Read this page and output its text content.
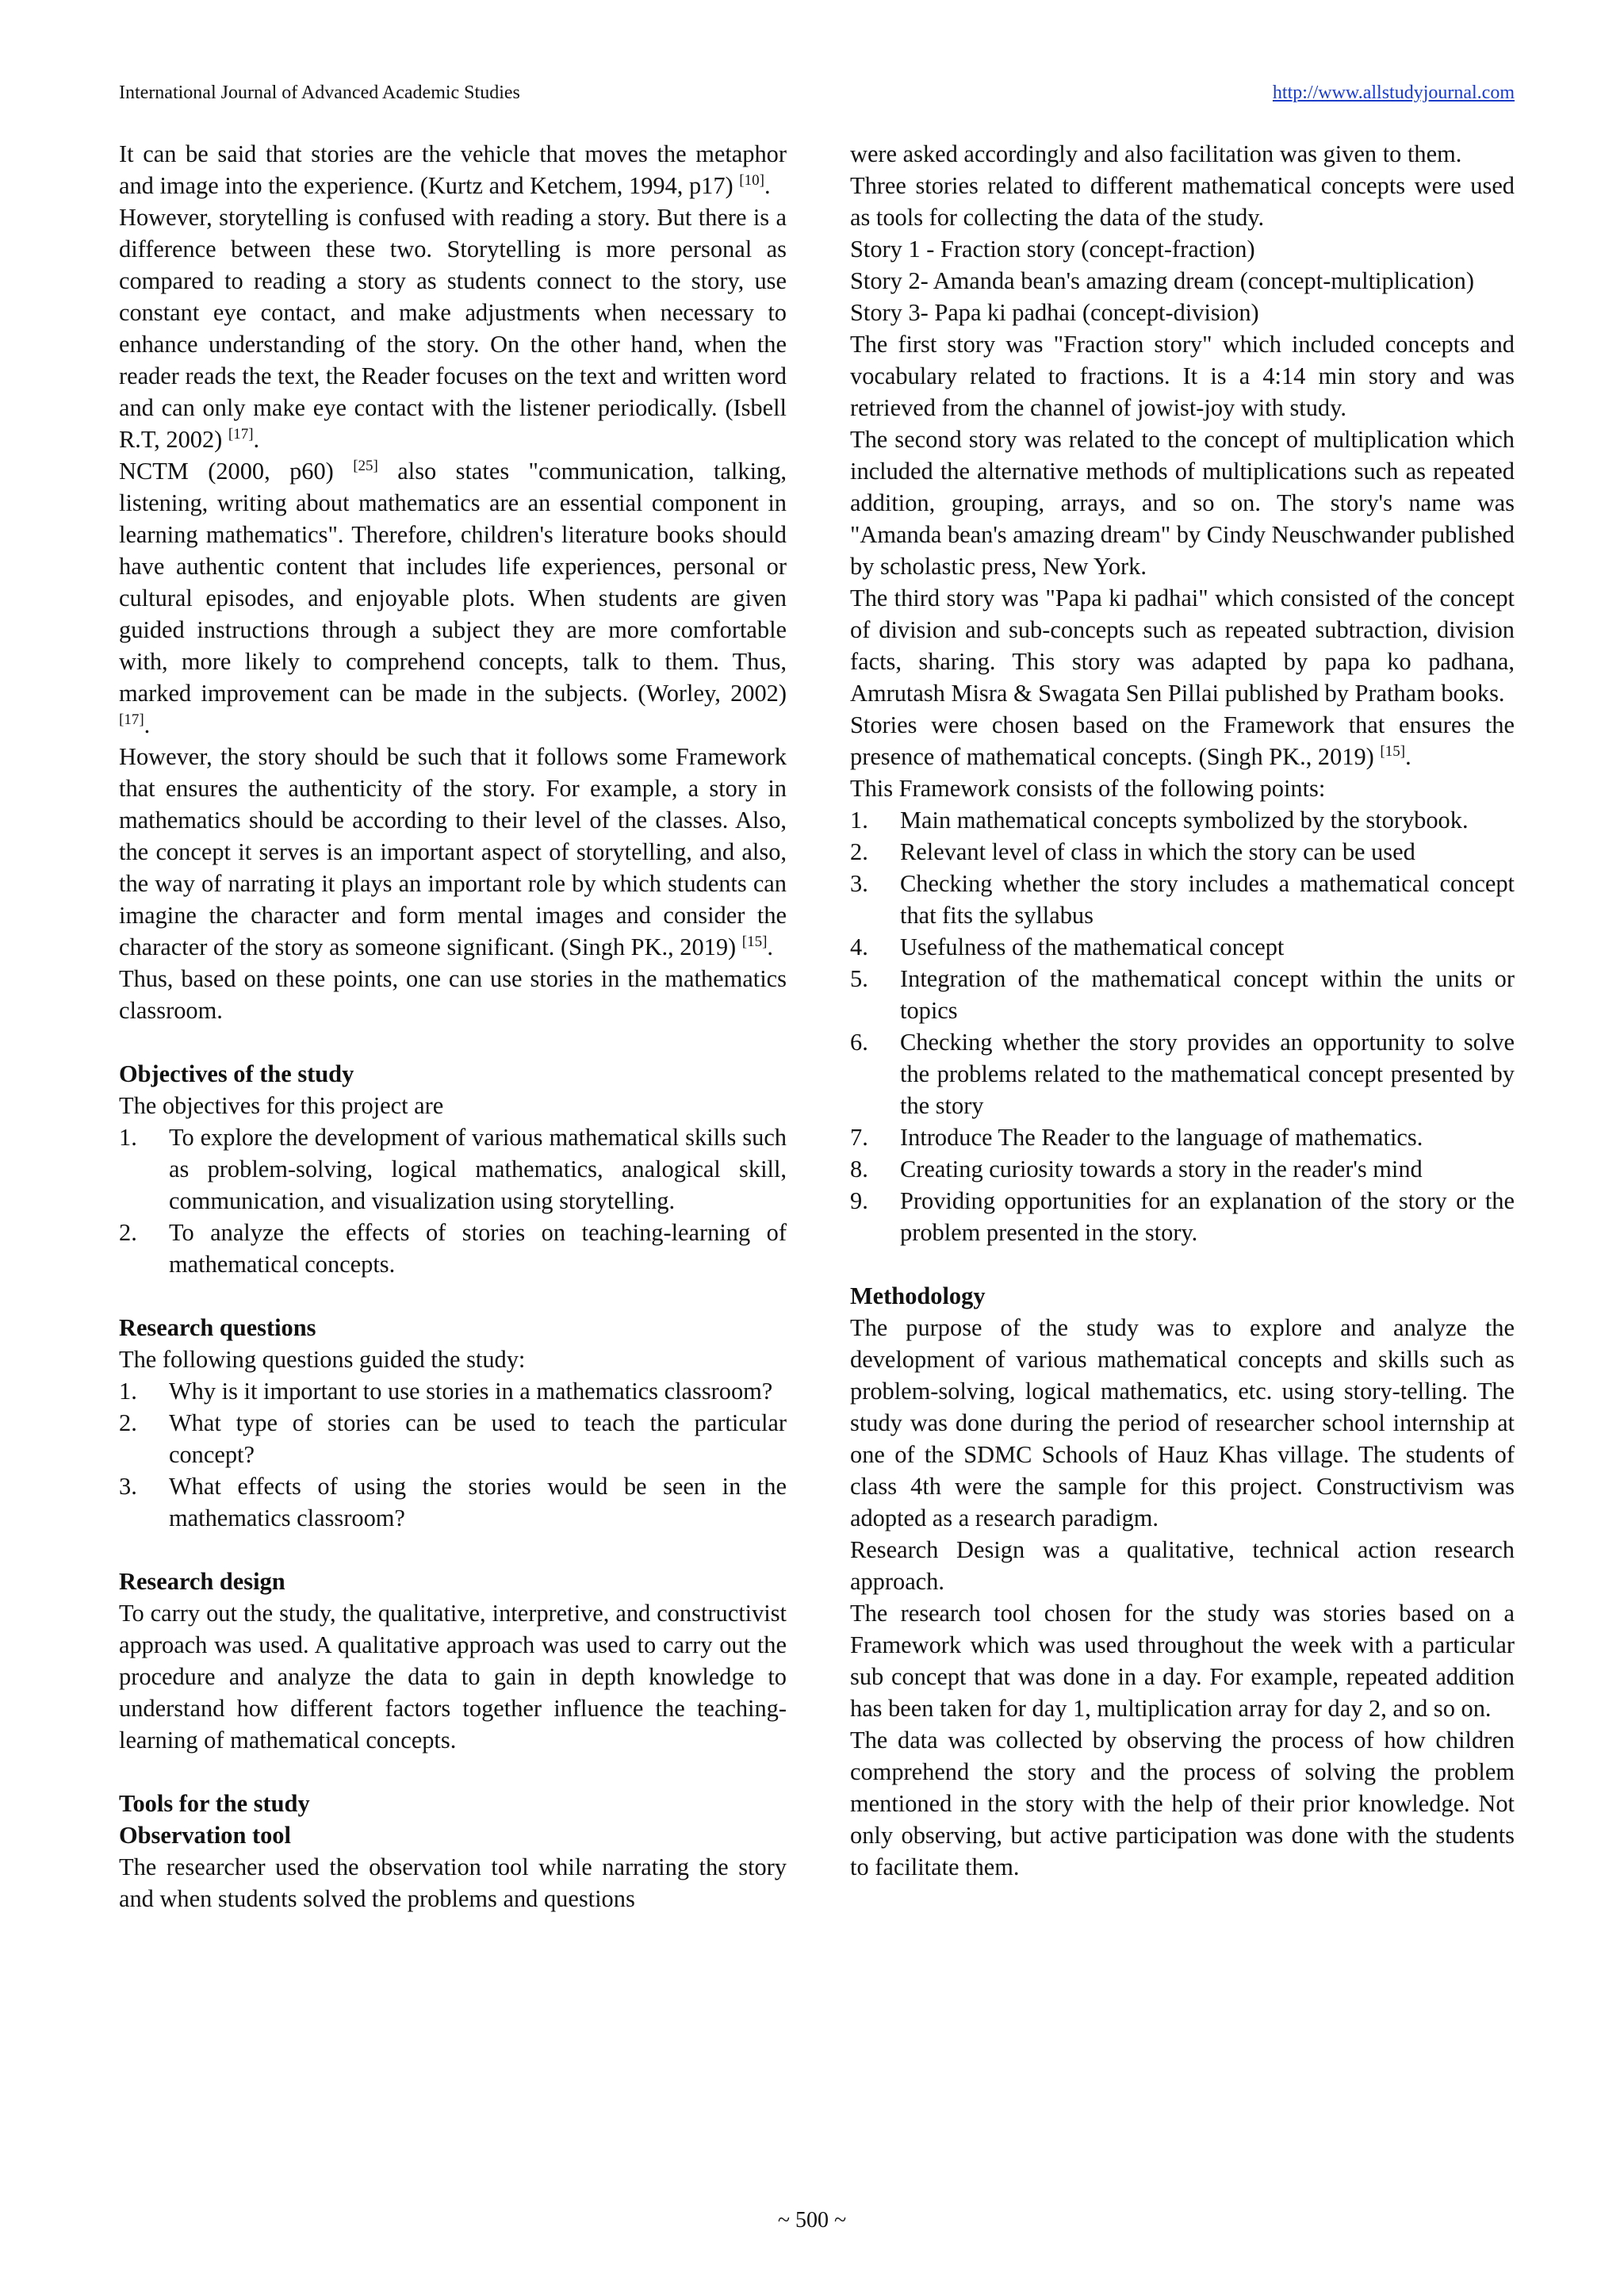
International Journal of Advanced Academic Studies	http://www.allstudyjournal.com

It can be said that stories are the vehicle that moves the metaphor and image into the experience. (Kurtz and Ketchem, 1994, p17) [10].

However, storytelling is confused with reading a story. But there is a difference between these two. Storytelling is more personal as compared to reading a story as students connect to the story, use constant eye contact, and make adjustments when necessary to enhance understanding of the story. On the other hand, when the reader reads the text, the Reader focuses on the text and written word and can only make eye contact with the listener periodically. (Isbell R.T, 2002) [17].

NCTM (2000, p60) [25] also states "communication, talking, listening, writing about mathematics are an essential component in learning mathematics". Therefore, children's literature books should have authentic content that includes life experiences, personal or cultural episodes, and enjoyable plots. When students are given guided instructions through a subject they are more comfortable with, more likely to comprehend concepts, talk to them. Thus, marked improvement can be made in the subjects. (Worley, 2002) [17].

However, the story should be such that it follows some Framework that ensures the authenticity of the story. For example, a story in mathematics should be according to their level of the classes. Also, the concept it serves is an important aspect of storytelling, and also, the way of narrating it plays an important role by which students can imagine the character and form mental images and consider the character of the story as someone significant. (Singh PK., 2019) [15].

Thus, based on these points, one can use stories in the mathematics classroom.

Objectives of the study

The objectives for this project are

1. To explore the development of various mathematical skills such as problem-solving, logical mathematics, analogical skill, communication, and visualization using storytelling.
2. To analyze the effects of stories on teaching-learning of mathematical concepts.
Research questions

The following questions guided the study:

1. Why is it important to use stories in a mathematics classroom?
2. What type of stories can be used to teach the particular concept?
3. What effects of using the stories would be seen in the mathematics classroom?
Research design

To carry out the study, the qualitative, interpretive, and constructivist approach was used. A qualitative approach was used to carry out the procedure and analyze the data to gain in depth knowledge to understand how different factors together influence the teaching-learning of mathematical concepts.

Tools for the study
Observation tool

The researcher used the observation tool while narrating the story and when students solved the problems and questions

were asked accordingly and also facilitation was given to them.

Three stories related to different mathematical concepts were used as tools for collecting the data of the study.

Story 1 - Fraction story (concept-fraction)

Story 2- Amanda bean's amazing dream (concept-multiplication)

Story 3- Papa ki padhai (concept-division)

The first story was "Fraction story" which included concepts and vocabulary related to fractions. It is a 4:14 min story and was retrieved from the channel of jowist-joy with study.

The second story was related to the concept of multiplication which included the alternative methods of multiplications such as repeated addition, grouping, arrays, and so on. The story's name was "Amanda bean's amazing dream" by Cindy Neuschwander published by scholastic press, New York.

The third story was "Papa ki padhai" which consisted of the concept of division and sub-concepts such as repeated subtraction, division facts, sharing. This story was adapted by papa ko padhana, Amrutash Misra & Swagata Sen Pillai published by Pratham books.

Stories were chosen based on the Framework that ensures the presence of mathematical concepts. (Singh PK., 2019) [15].

This Framework consists of the following points:

1. Main mathematical concepts symbolized by the storybook.
2. Relevant level of class in which the story can be used
3. Checking whether the story includes a mathematical concept that fits the syllabus
4. Usefulness of the mathematical concept
5. Integration of the mathematical concept within the units or topics
6. Checking whether the story provides an opportunity to solve the problems related to the mathematical concept presented by the story
7. Introduce The Reader to the language of mathematics.
8. Creating curiosity towards a story in the reader's mind
9. Providing opportunities for an explanation of the story or the problem presented in the story.
Methodology

The purpose of the study was to explore and analyze the development of various mathematical concepts and skills such as problem-solving, logical mathematics, etc. using story-telling. The study was done during the period of researcher school internship at one of the SDMC Schools of Hauz Khas village. The students of class 4th were the sample for this project. Constructivism was adopted as a research paradigm.

Research Design was a qualitative, technical action research approach.

The research tool chosen for the study was stories based on a Framework which was used throughout the week with a particular sub concept that was done in a day. For example, repeated addition has been taken for day 1, multiplication array for day 2, and so on.

The data was collected by observing the process of how children comprehend the story and the process of solving the problem mentioned in the story with the help of their prior knowledge. Not only observing, but active participation was done with the students to facilitate them.

~ 500 ~
